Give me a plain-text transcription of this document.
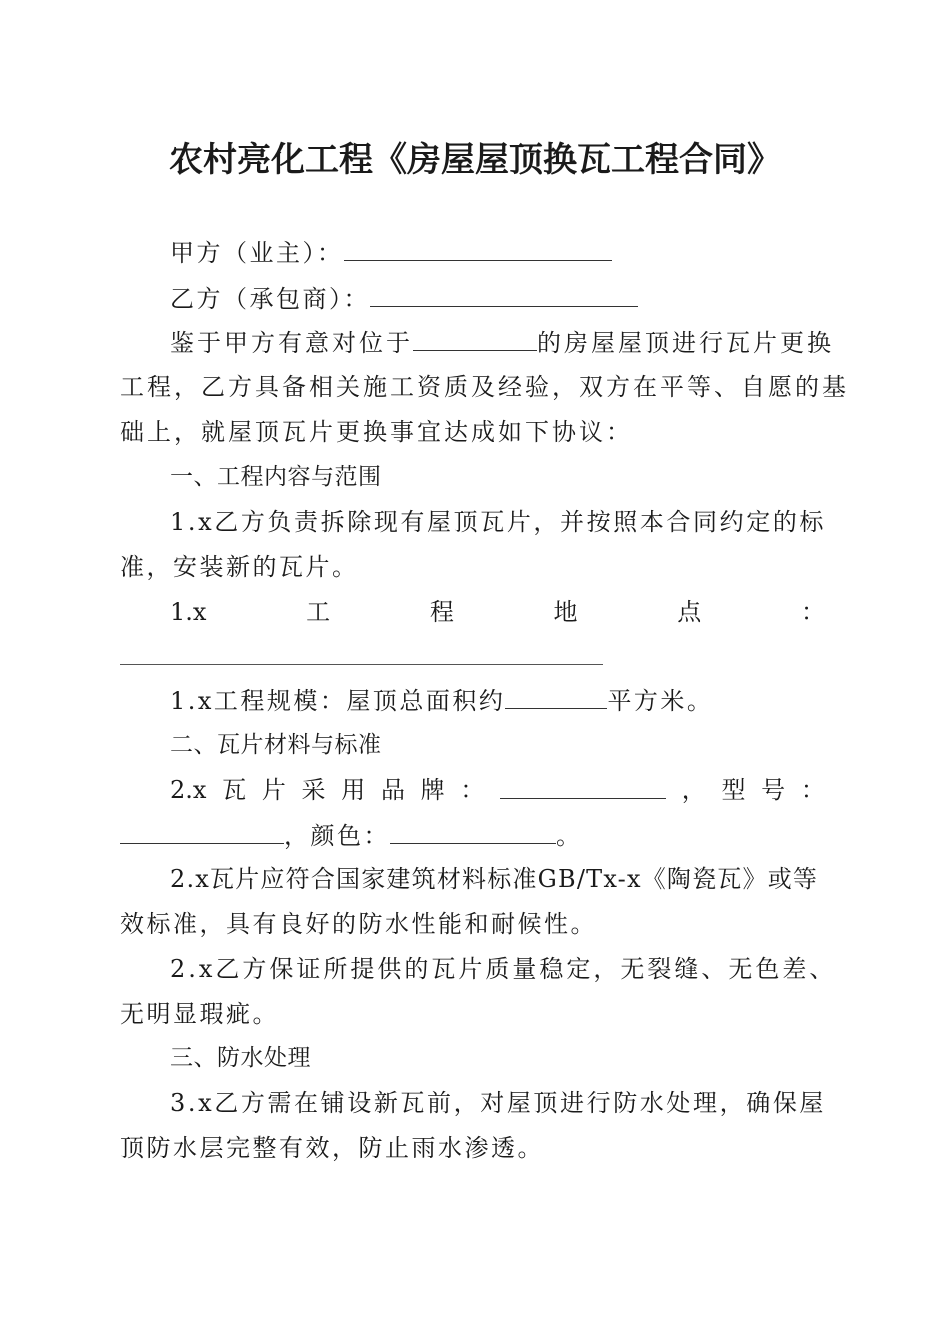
农村亮化工程《房屋屋顶换瓦工程合同》
甲方（业主）：
乙方（承包商）：
鉴于甲方有意对位于	的房屋屋顶进行瓦片更换
工程，乙方具备相关施工资质及经验，双方在平等、自愿的基
础上，就屋顶瓦片更换事宜达成如下协议：
一、工程内容与范围
1.x乙方负责拆除现有屋顶瓦片，并按照本合同约定的标
准，安装新的瓦片。
1.x	工	程	地	点	：
1.x工程规模：屋顶总面积约	平方米。
二、瓦片材料与标准
2.x 瓦 片 采 用 品 牌 ：	， 型 号 ：
，颜色：	。
2.x瓦片应符合国家建筑材料标准GB/Tx-x《陶瓷瓦》或等
效标准，具有良好的防水性能和耐候性。
2.x乙方保证所提供的瓦片质量稳定，无裂缝、无色差、
无明显瑕疵。
三、防水处理
3.x乙方需在铺设新瓦前，对屋顶进行防水处理，确保屋
顶防水层完整有效，防止雨水渗透。
